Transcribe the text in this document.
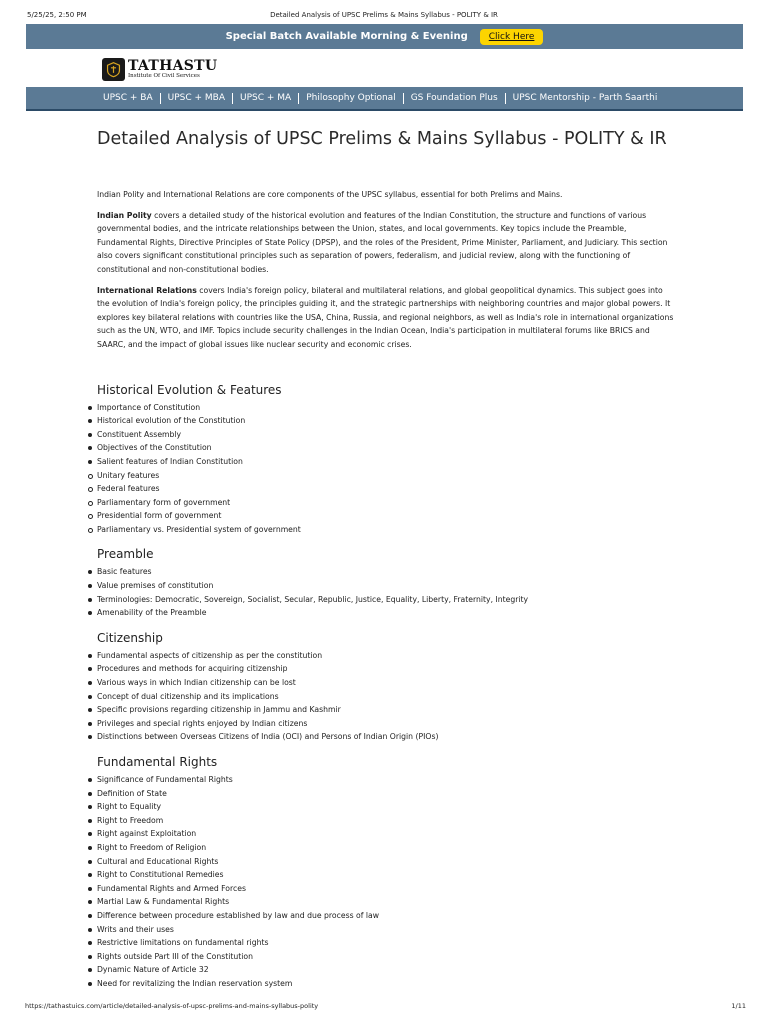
5/25/25, 2:50 PM	Detailed Analysis of UPSC Prelims & Mains Syllabus - POLITY & IR
Special Batch Available Morning & Evening	Click Here
TATHASTU
Institute Of Civil Services
UPSC + BA	UPSC + MBA	UPSC + MA	Philosophy Optional	GS Foundation Plus	UPSC Mentorship - Parth Saarthi
Detailed Analysis of UPSC Prelims & Mains Syllabus - POLITY & IR

Indian Polity and International Relations are core components of the UPSC syllabus, essential for both Prelims and Mains.

Indian Polity covers a detailed study of the historical evolution and features of the Indian Constitution, the structure and functions of various governmental bodies, and the intricate relationships between the Union, states, and local governments. Key topics include the Preamble, Fundamental Rights, Directive Principles of State Policy (DPSP), and the roles of the President, Prime Minister, Parliament, and Judiciary. This section also covers significant constitutional principles such as separation of powers, federalism, and judicial review, along with the functioning of constitutional and non-constitutional bodies.

International Relations covers India's foreign policy, bilateral and multilateral relations, and global geopolitical dynamics. This subject goes into the evolution of India's foreign policy, the principles guiding it, and the strategic partnerships with neighboring countries and major global powers. It explores key bilateral relations with countries like the USA, China, Russia, and regional neighbors, as well as India's role in international organizations such as the UN, WTO, and IMF. Topics include security challenges in the Indian Ocean, India's participation in multilateral forums like BRICS and SAARC, and the impact of global issues like nuclear security and economic crises.

Historical Evolution & Features
Importance of Constitution
Historical evolution of the Constitution
Constituent Assembly
Objectives of the Constitution
Salient features of Indian Constitution
Unitary features
Federal features
Parliamentary form of government
Presidential form of government
Parliamentary vs. Presidential system of government
Preamble
Basic features
Value premises of constitution
Terminologies: Democratic, Sovereign, Socialist, Secular, Republic, Justice, Equality, Liberty, Fraternity, Integrity
Amenability of the Preamble
Citizenship
Fundamental aspects of citizenship as per the constitution
Procedures and methods for acquiring citizenship
Various ways in which Indian citizenship can be lost
Concept of dual citizenship and its implications
Specific provisions regarding citizenship in Jammu and Kashmir
Privileges and special rights enjoyed by Indian citizens
Distinctions between Overseas Citizens of India (OCI) and Persons of Indian Origin (PIOs)
Fundamental Rights
Significance of Fundamental Rights
Definition of State
Right to Equality
Right to Freedom
Right against Exploitation
Right to Freedom of Religion
Cultural and Educational Rights
Right to Constitutional Remedies
Fundamental Rights and Armed Forces
Martial Law & Fundamental Rights
Difference between procedure established by law and due process of law
Writs and their uses
Restrictive limitations on fundamental rights
Rights outside Part III of the Constitution
Dynamic Nature of Article 32
Need for revitalizing the Indian reservation system
https://tathastuics.com/article/detailed-analysis-of-upsc-prelims-and-mains-syllabus-polity	1/11
